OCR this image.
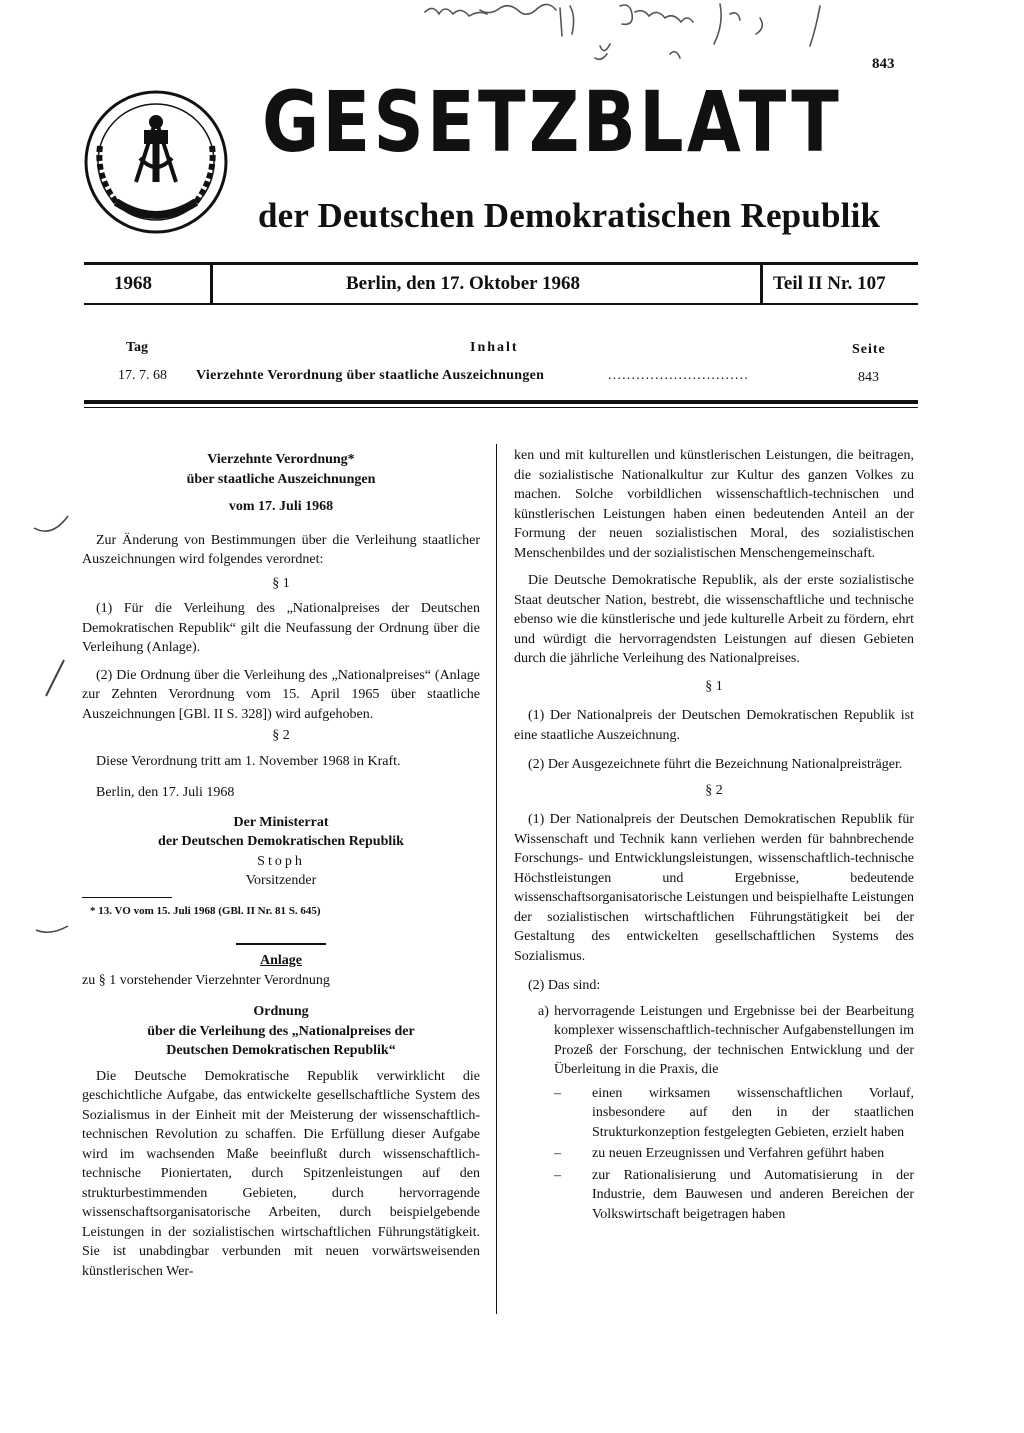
843
GESETZBLATT
der Deutschen Demokratischen Republik
1968	Berlin, den 17. Oktober 1968	Teil II Nr. 107
Tag	Inhalt	Seite
17. 7. 68 Vierzehnte Verordnung über staatliche Auszeichnungen	..............................	843

Vierzehnte Verordnung*

über staatliche Auszeichnungen

vom 17. Juli 1968

Zur Änderung von Bestimmungen über die Verleihung staatlicher Auszeichnungen wird folgendes verordnet:

§ 1

(1) Für die Verleihung des „Nationalpreises der Deutschen Demokratischen Republik“ gilt die Neufassung der Ordnung über die Verleihung (Anlage).

(2) Die Ordnung über die Verleihung des „Nationalpreises“ (Anlage zur Zehnten Verordnung vom 15. April 1965 über staatliche Auszeichnungen [GBl. II S. 328]) wird aufgehoben.

§ 2

Diese Verordnung tritt am 1. November 1968 in Kraft.

Berlin, den 17. Juli 1968

Der Ministerrat

der Deutschen Demokratischen Republik

Stoph

Vorsitzender

* 13. VO vom 15. Juli 1968 (GBl. II Nr. 81 S. 645)

Anlage

zu § 1 vorstehender Vierzehnter Verordnung

Ordnung

über die Verleihung des „Nationalpreises der

Deutschen Demokratischen Republik“

Die Deutsche Demokratische Republik verwirklicht die geschichtliche Aufgabe, das entwickelte gesellschaftliche System des Sozialismus in der Einheit mit der Meisterung der wissenschaftlich-technischen Revolution zu schaffen. Die Erfüllung dieser Aufgabe wird im wachsenden Maße beeinflußt durch wissenschaftlich-technische Pioniertaten, durch Spitzenleistungen auf den strukturbestimmenden Gebieten, durch hervorragende wissenschaftsorganisatorische Arbeiten, durch beispielgebende Leistungen in der sozialistischen wirtschaftlichen Führungstätigkeit. Sie ist unabdingbar verbunden mit neuen vorwärtsweisenden künstlerischen Wer-

ken und mit kulturellen und künstlerischen Leistungen, die beitragen, die sozialistische Nationalkultur zur Kultur des ganzen Volkes zu machen. Solche vorbildlichen wissenschaftlich-technischen und künstlerischen Leistungen haben einen bedeutenden Anteil an der Formung der neuen sozialistischen Moral, des sozialistischen Menschenbildes und der sozialistischen Menschengemeinschaft.

Die Deutsche Demokratische Republik, als der erste sozialistische Staat deutscher Nation, bestrebt, die wissenschaftliche und technische ebenso wie die künstlerische und jede kulturelle Arbeit zu fördern, ehrt und würdigt die hervorragendsten Leistungen auf diesen Gebieten durch die jährliche Verleihung des Nationalpreises.

§ 1

(1) Der Nationalpreis der Deutschen Demokratischen Republik ist eine staatliche Auszeichnung.

(2) Der Ausgezeichnete führt die Bezeichnung Nationalpreisträger.

§ 2

(1) Der Nationalpreis der Deutschen Demokratischen Republik für Wissenschaft und Technik kann verliehen werden für bahnbrechende Forschungs- und Entwicklungsleistungen, wissenschaftlich-technische Höchstleistungen und Ergebnisse, bedeutende wissenschaftsorganisatorische Leistungen und beispielhafte Leistungen der sozialistischen wirtschaftlichen Führungstätigkeit bei der Gestaltung des entwickelten gesellschaftlichen Systems des Sozialismus.

(2) Das sind:

a) hervorragende Leistungen und Ergebnisse bei der Bearbeitung komplexer wissenschaftlich-technischer Aufgabenstellungen im Prozeß der Forschung, der technischen Entwicklung und der Überleitung in die Praxis, die

– einen wirksamen wissenschaftlichen Vorlauf, insbesondere auf den in der staatlichen Strukturkonzeption festgelegten Gebieten, erzielt haben

– zu neuen Erzeugnissen und Verfahren geführt haben

– zur Rationalisierung und Automatisierung in der Industrie, dem Bauwesen und anderen Bereichen der Volkswirtschaft beigetragen haben
